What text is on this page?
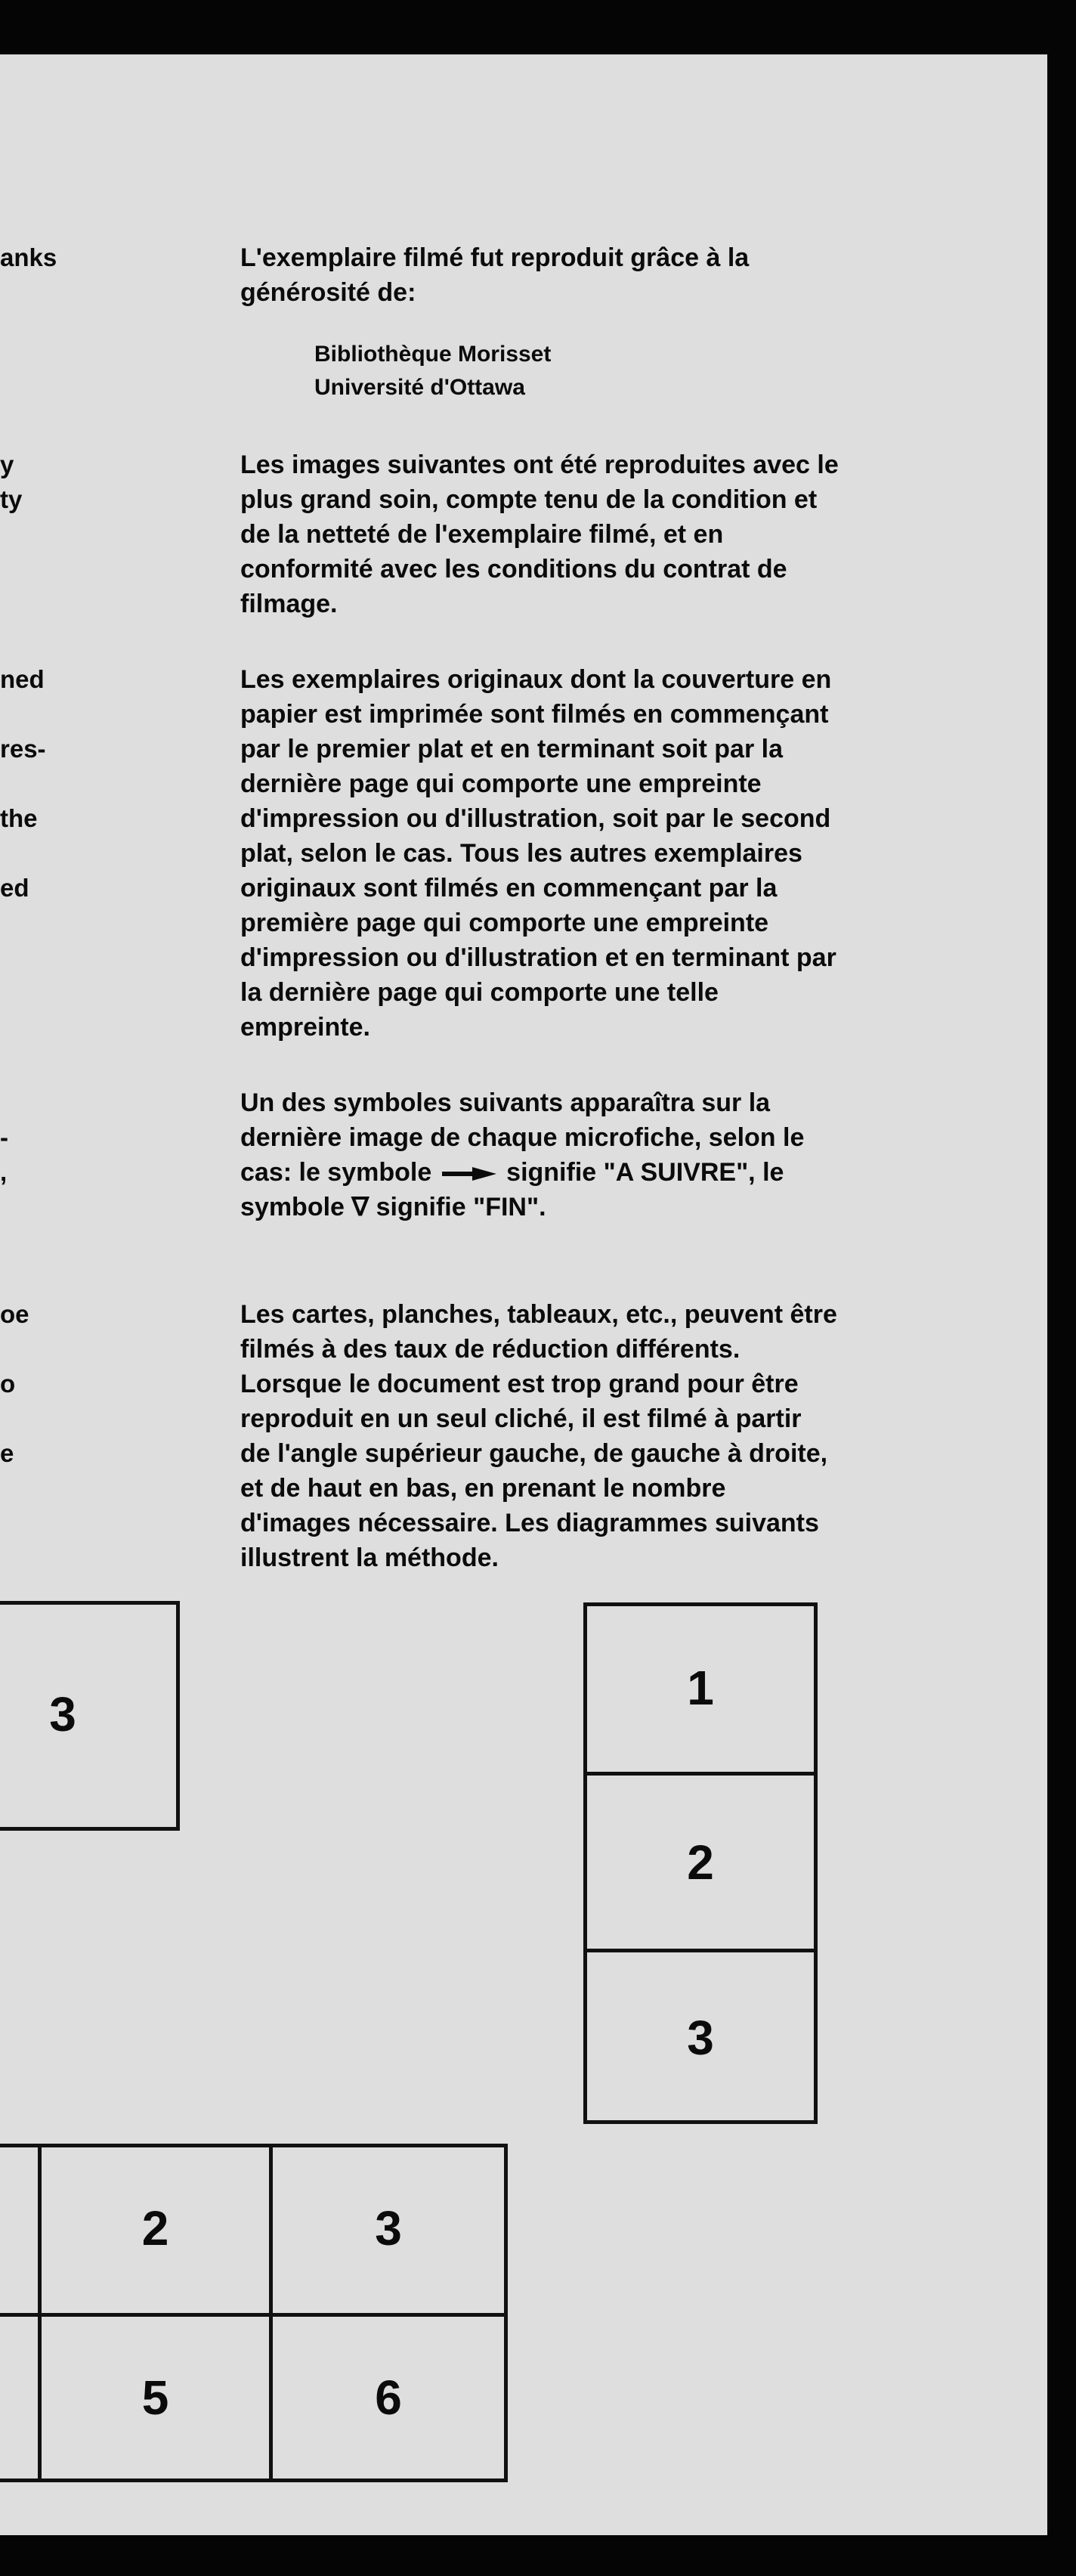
anks
y
ty
ned
res-
the
ed
-
,
oe
o
e
L'exemplaire filmé fut reproduit grâce à la
générosité de:
Bibliothèque Morisset
Université d'Ottawa
Les images suivantes ont été reproduites avec le
plus grand soin, compte tenu de la condition et
de la netteté de l'exemplaire filmé, et en
conformité avec les conditions du contrat de
filmage.
Les exemplaires originaux dont la couverture en
papier est imprimée sont filmés en commençant
par le premier plat et en terminant soit par la
dernière page qui comporte une empreinte
d'impression ou d'illustration, soit par le second
plat, selon le cas. Tous les autres exemplaires
originaux sont filmés en commençant par la
première page qui comporte une empreinte
d'impression ou d'illustration et en terminant par
la dernière page qui comporte une telle
empreinte.
Un des symboles suivants apparaîtra sur la
dernière image de chaque microfiche, selon le
cas: le symbole	signifie "A SUIVRE", le
symbole ∇ signifie "FIN".
Les cartes, planches, tableaux, etc., peuvent être
filmés à des taux de réduction différents.
Lorsque le document est trop grand pour être
reproduit en un seul cliché, il est filmé à partir
de l'angle supérieur gauche, de gauche à droite,
et de haut en bas, en prenant le nombre
d'images nécessaire. Les diagrammes suivants
illustrent la méthode.
3	1
2
3
2	3
5	6
